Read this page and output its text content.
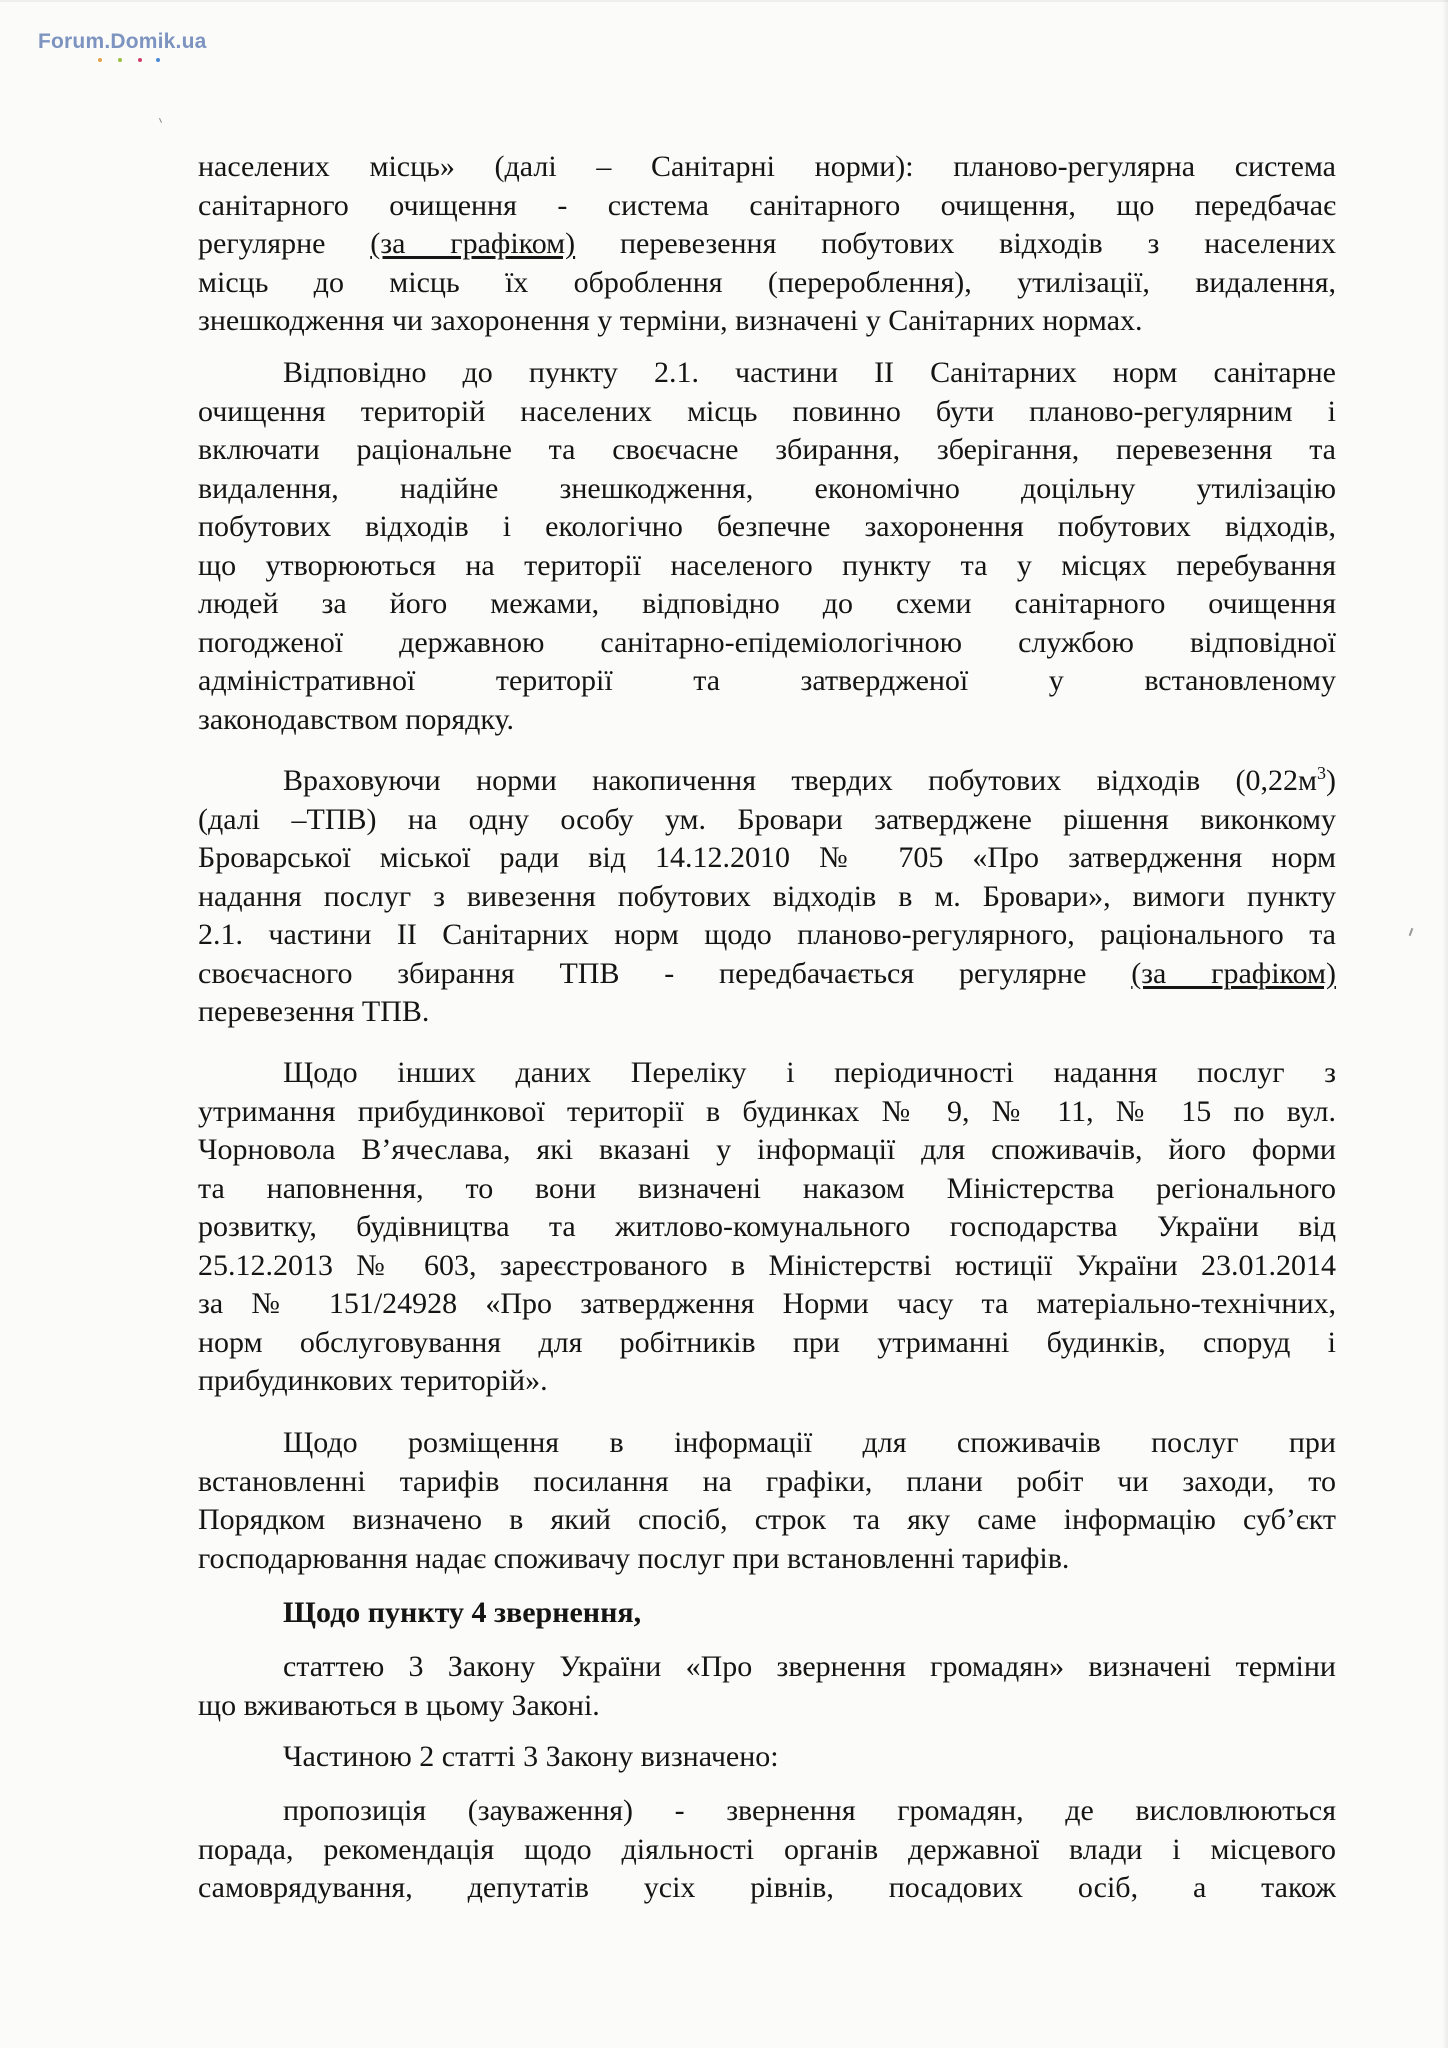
Forum.Domik.ua
населених місць» (далі – Санітарні норми): планово-регулярна система
санітарного очищення - система санітарного очищення, що передбачає
регулярне (за графіком) перевезення побутових відходів з населених
місць до місць їх оброблення (перероблення), утилізації, видалення,
знешкодження чи захоронення у терміни, визначені у Санітарних нормах.
Відповідно до пункту 2.1. частини ІІ Санітарних норм санітарне
очищення територій населених місць повинно бути планово-регулярним і
включати раціональне та своєчасне збирання, зберігання, перевезення та
видалення, надійне знешкодження, економічно доцільну утилізацію
побутових відходів і екологічно безпечне захоронення побутових відходів,
що утворюються на території населеного пункту та у місцях перебування
людей за його межами, відповідно до схеми санітарного очищення
погодженої державною санітарно-епідеміологічною службою відповідної
адміністративної території та затвердженої у встановленому
законодавством порядку.
Враховуючи норми накопичення твердих побутових відходів $(0,22м^3)$
(далі –ТПВ) на одну особу ум. Бровари затверджене рішення виконкому
Броварської міської ради від 14.12.2010 № 705 «Про затвердження норм
надання послуг з вивезення побутових відходів в м. Бровари», вимоги пункту
2.1. частини ІІ Санітарних норм щодо планово-регулярного, раціонального та
своєчасного збирання ТПВ - передбачається регулярне (за графіком)
перевезення ТПВ.
Щодо інших даних Переліку і періодичності надання послуг з
утримання прибудинкової території в будинках № 9, № 11, № 15 по вул.
Чорновола В’ячеслава, які вказані у інформації для споживачів, його форми
та наповнення, то вони визначені наказом Міністерства регіонального
розвитку, будівництва та житлово-комунального господарства України від
25.12.2013 № 603, зареєстрованого в Міністерстві юстиції України 23.01.2014
за № 151/24928 «Про затвердження Норми часу та матеріально-технічних,
норм обслуговування для робітників при утриманні будинків, споруд і
прибудинкових територій».
Щодо розміщення в інформації для споживачів послуг при
встановленні тарифів посилання на графіки, плани робіт чи заходи, то
Порядком визначено в який спосіб, строк та яку саме інформацію суб’єкт
господарювання надає споживачу послуг при встановленні тарифів.
Щодо пункту 4 звернення,
статтею 3 Закону України «Про звернення громадян» визначені терміни
що вживаються в цьому Законі.
Частиною 2 статті 3 Закону визначено:
пропозиція (зауваження) - звернення громадян, де висловлюються
порада, рекомендація щодо діяльності органів державної влади і місцевого
самоврядування, депутатів усіх рівнів, посадових осіб, а також
